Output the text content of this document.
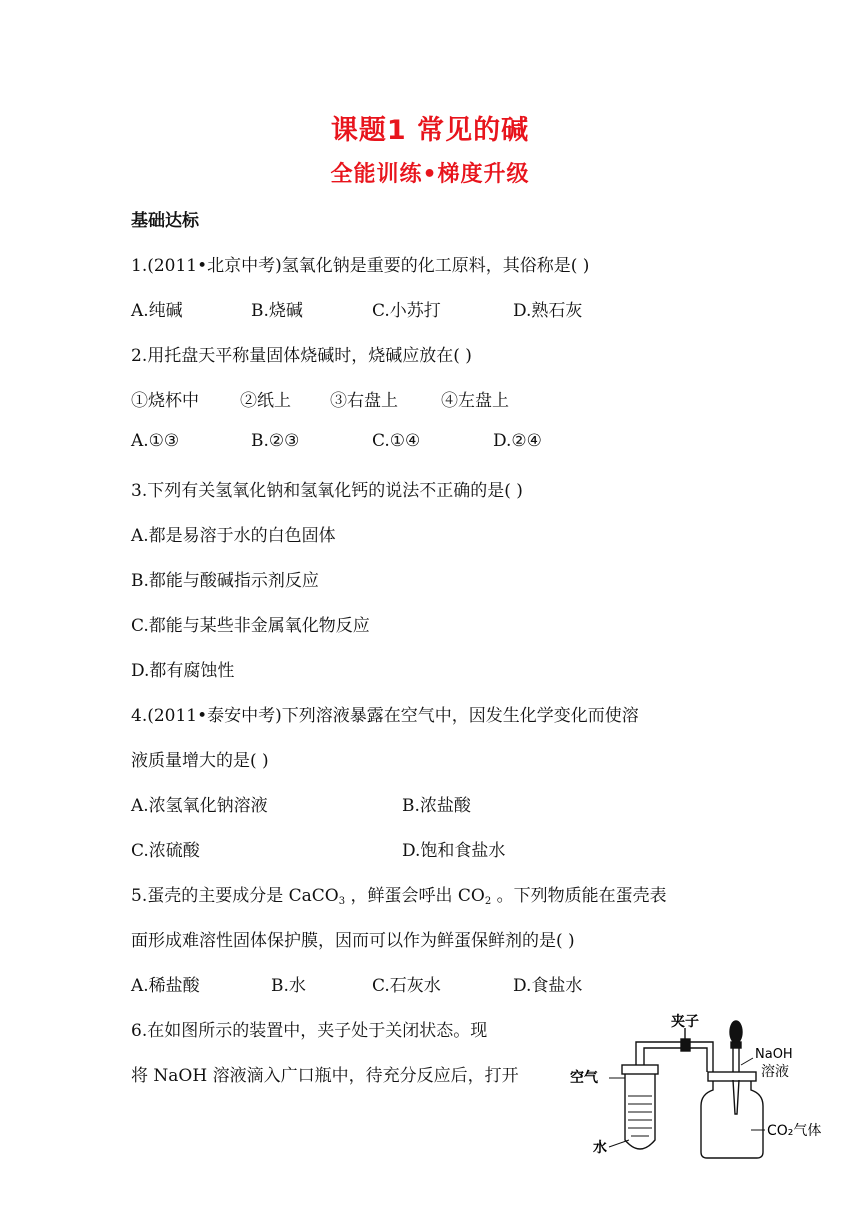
课题1 常见的碱
全能训练•梯度升级
基础达标
1.(2011•北京中考)氢氧化钠是重要的化工原料，其俗称是( )
A.纯碱	B.烧碱	C.小苏打	D.熟石灰
2.用托盘天平称量固体烧碱时，烧碱应放在( )
①烧杯中 ②纸上 ③右盘上	④左盘上
A.①③	B.②③	C.①④	D.②④
3.下列有关氢氧化钠和氢氧化钙的说法不正确的是( )
A.都是易溶于水的白色固体
B.都能与酸碱指示剂反应
C.都能与某些非金属氧化物反应
D.都有腐蚀性
4.(2011•泰安中考)下列溶液暴露在空气中，因发生化学变化而使溶
液质量增大的是( )
A.浓氢氧化钠溶液	B.浓盐酸
C.浓硫酸	D.饱和食盐水
5.蛋壳的主要成分是 CaCO$_3$ ，鲜蛋会呼出 $CO_2$ 。下列物质能在蛋壳表
面形成难溶性固体保护膜，因而可以作为鲜蛋保鲜剂的是( )
A.稀盐酸	B.水	C.石灰水	D.食盐水
6.在如图所示的装置中，夹子处于关闭状态。现
将 NaOH 溶液滴入广口瓶中，待充分反应后，打开
夹子
NaOH
溶液
空气
CO₂气体
水
